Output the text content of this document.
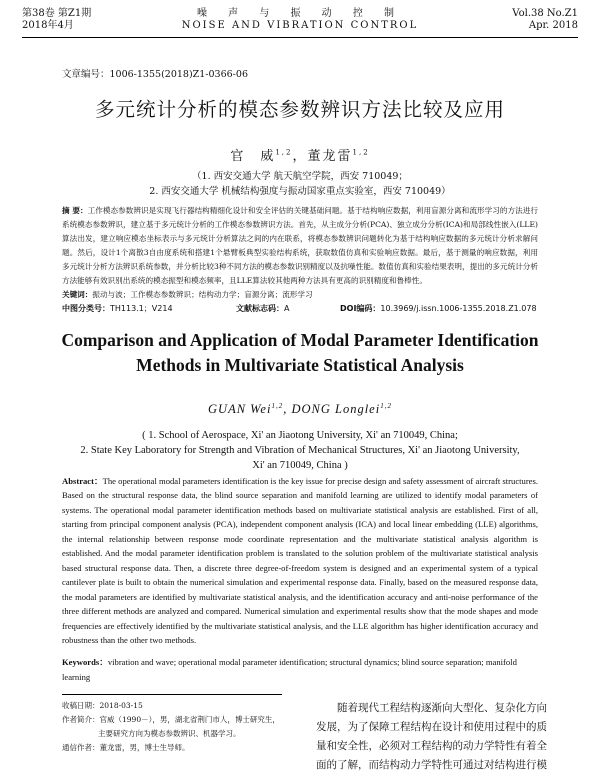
第38卷 第Z1期
2018年4月
噪 声 与 振 动 控 制
NOISE AND VIBRATION CONTROL
Vol.38 No.Z1
Apr. 2018
文章编号：1006-1355(2018)Z1-0366-06
多元统计分析的模态参数辨识方法比较及应用
官　威$^{1,2}$，董龙雷$^{1,2}$
（1. 西安交通大学 航天航空学院，西安 710049；
2. 西安交通大学 机械结构强度与振动国家重点实验室，西安 710049）
摘 要：工作模态参数辨识是实现飞行器结构精细化设计和安全评估的关键基础问题。基于结构响应数据，利用盲源分离和流形学习的方法进行系统模态参数辨识，建立基于多元统计分析的工作模态参数辨识方法。首先，从主成分分析(PCA)、独立成分分析(ICA)和局部线性嵌入(LLE)算法出发，建立响应模态坐标表示与多元统计分析算法之间的内在联系，将模态参数辨识问题转化为基于结构响应数据的多元统计分析求解问题。然后，设计1个离散3自由度系统和搭建1个悬臂板典型实验结构系统，获取数值仿真和实验响应数据。最后，基于测量的响应数据，利用多元统计分析方法辨识系统参数，并分析比较3种不同方法的模态参数识别精度以及抗噪性能。数值仿真和实验结果表明，提出的多元统计分析方法能够有效识别出系统的模态振型和模态频率，且LLE算法较其他两种方法具有更高的识别精度和鲁棒性。
关键词：振动与波；工作模态参数辨识；结构动力学；盲源分离；流形学习
中图分类号：TH113.1；V214	文献标志码：A	DOI编码：10.3969/j.issn.1006-1355.2018.Z1.078
Comparison and Application of Modal Parameter Identification
Methods in Multivariate Statistical Analysis
GUAN Wei$^{1,2}$, DONG Longlei$^{1,2}$
( 1. School of Aerospace, Xi' an Jiaotong University, Xi' an 710049, China;
2. State Key Laboratory for Strength and Vibration of Mechanical Structures, Xi' an Jiaotong University,
Xi' an 710049, China )
Abstract：The operational modal parameters identification is the key issue for precise design and safety assessment of aircraft structures. Based on the structural response data, the blind source separation and manifold learning are utilized to identify modal parameters of systems. The operational modal parameter identification methods based on multivariate statistical analysis are established. First of all, starting from principal component analysis (PCA), independent component analysis (ICA) and local linear embedding (LLE) algorithms, the internal relationship between response mode coordinate representation and the multivariate statistical analysis algorithm is established. And the modal parameter identification problem is translated to the solution problem of the multivariate statistical analysis based structural response data. Then, a discrete three degree-of-freedom system is designed and an experimental system of a typical cantilever plate is built to obtain the numerical simulation and experimental response data. Finally, based on the measured response data, the modal parameters are identified by multivariate statistical analysis, and the identification accuracy and anti-noise performance of the three different methods are analyzed and compared. Numerical simulation and experimental results show that the mode shapes and mode frequencies are effectively identified by the multivariate statistical analysis, and the LLE algorithm has higher identification accuracy and robustness than the other two methods.
Keywords：vibration and wave; operational modal parameter identification; structural dynamics; blind source separation; manifold learning
收稿日期：2018-03-15
作者简介：官威（1990－），男，湖北省荆门市人，博士研究生，
主要研究方向为模态参数辨识、机器学习。
通信作者：董龙雷，男，博士生导师。
随着现代工程结构逐渐向大型化、复杂化方向
发展，为了保障工程结构在设计和使用过程中的质
量和安全性，必须对工程结构的动力学特性有着全
面的了解，而结构动力学特性可通过对结构进行模
